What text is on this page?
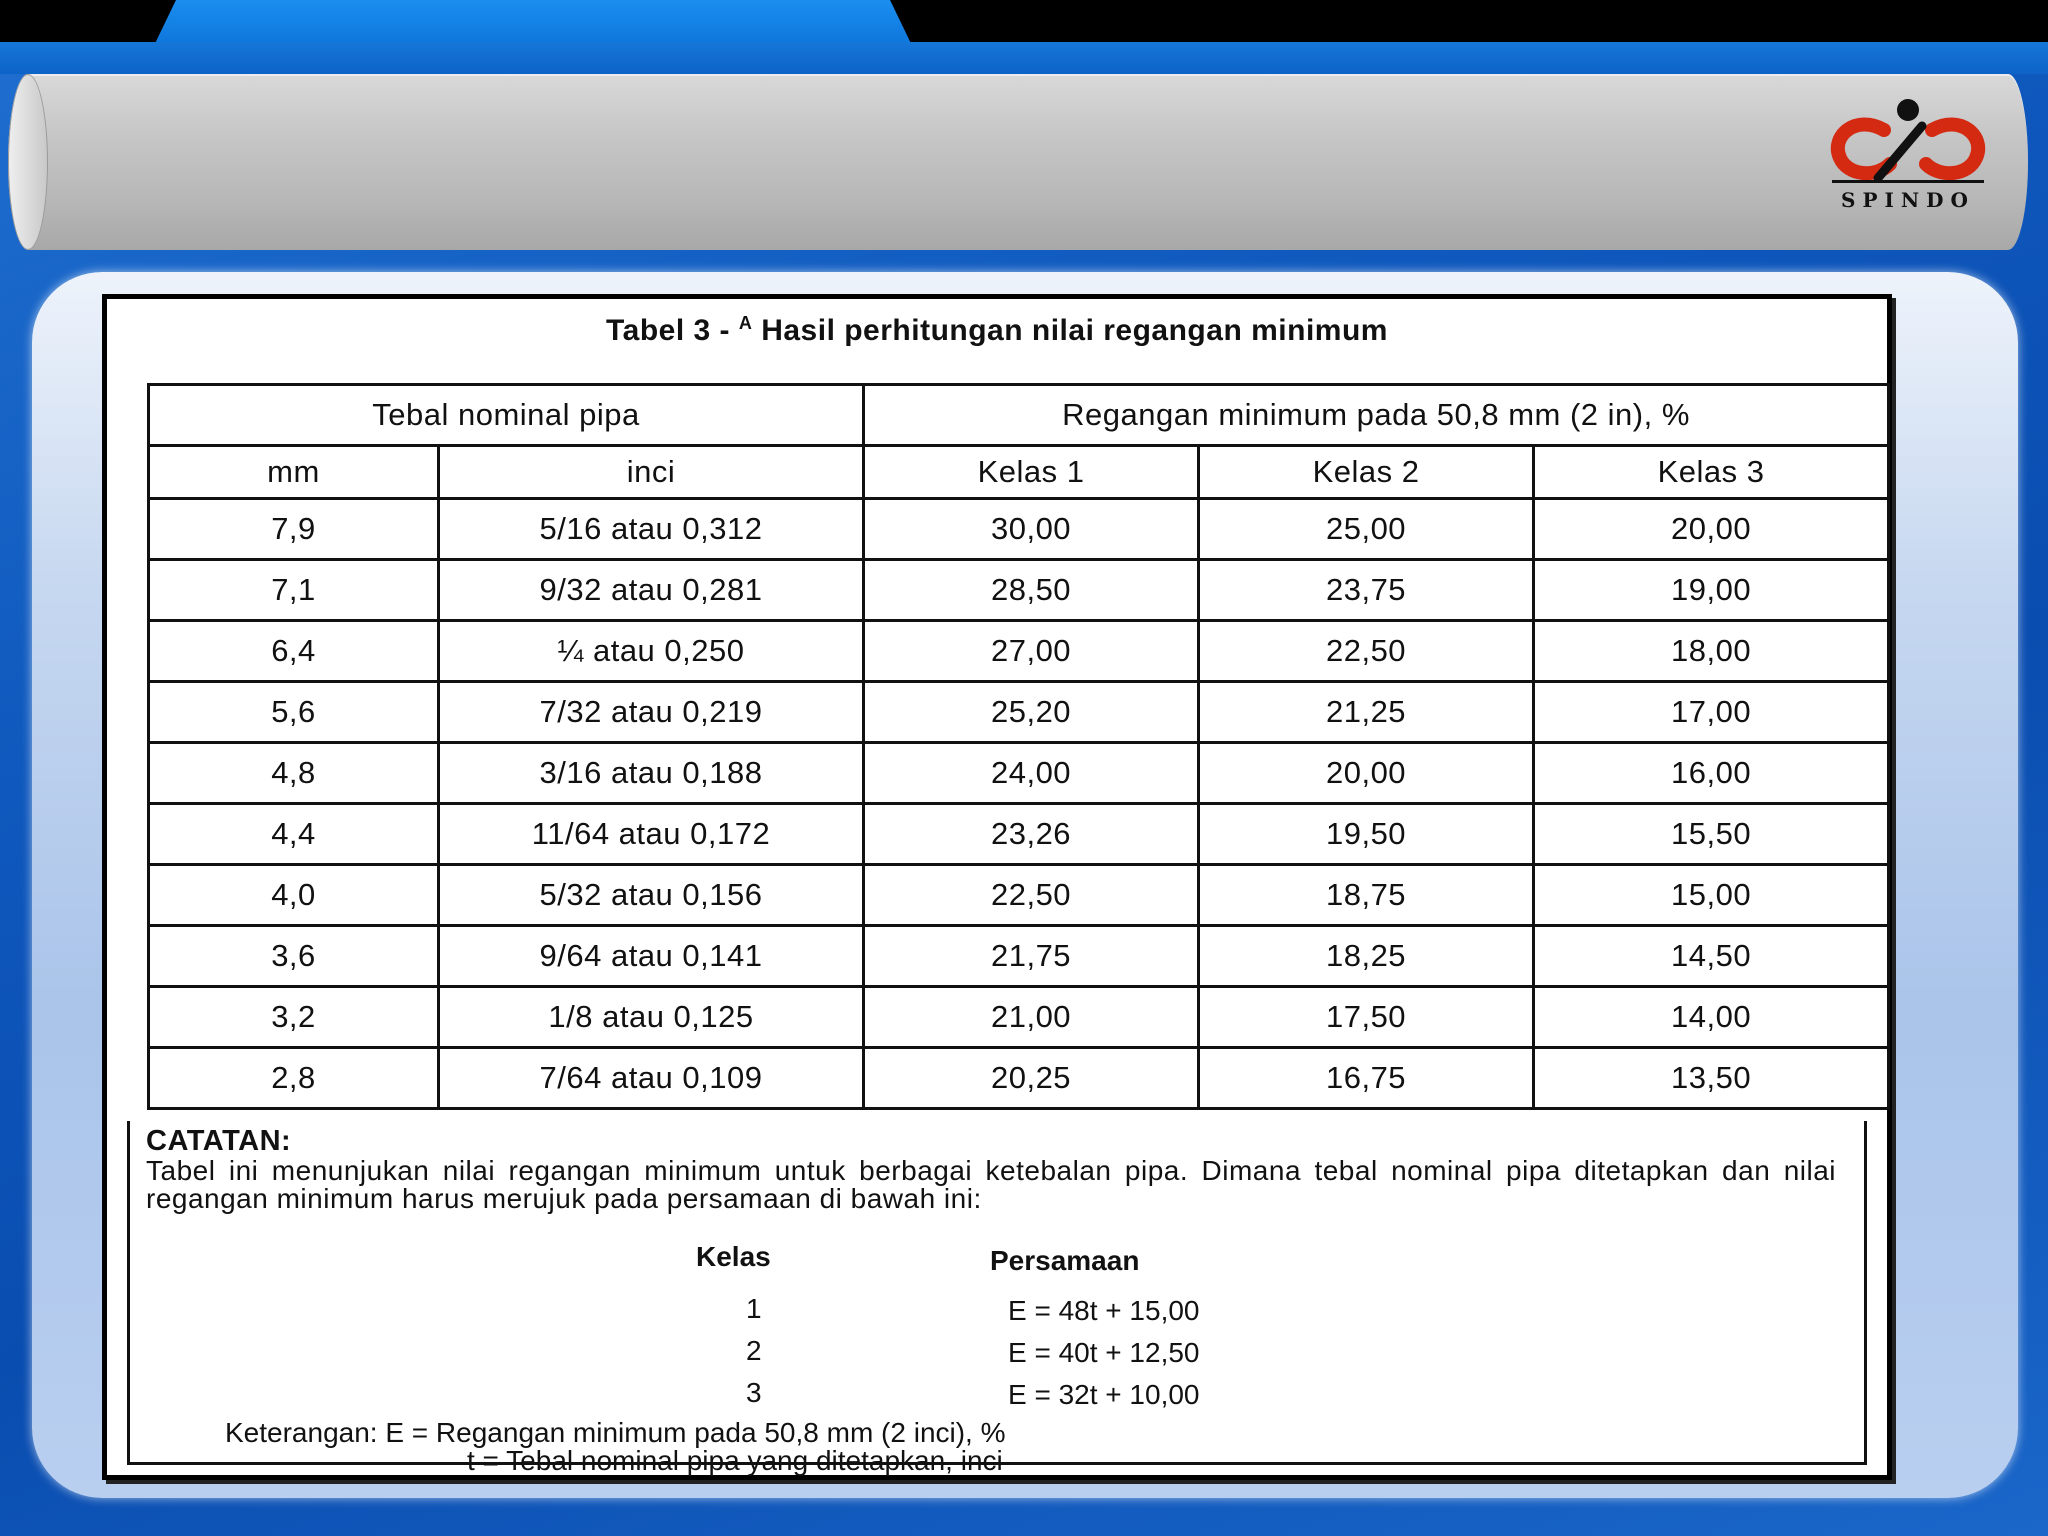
SPINDO
Tabel 3 - $^A$ Hasil perhitungan nilai regangan minimum
Tebal nominal pipa		Regangan minimum pada 50,8 mm (2 in), %		
mm	inci	Kelas 1	Kelas 2	Kelas 3
7,9	5/16 atau 0,312	30,00	25,00	20,00
7,1	9/32 atau 0,281	28,50	23,75	19,00
6,4	¼ atau 0,250	27,00	22,50	18,00
5,6	7/32 atau 0,219	25,20	21,25	17,00
4,8	3/16 atau 0,188	24,00	20,00	16,00
4,4	11/64 atau 0,172	23,26	19,50	15,50
4,0	5/32 atau 0,156	22,50	18,75	15,00
3,6	9/64 atau 0,141	21,75	18,25	14,50
3,2	1/8 atau 0,125	21,00	17,50	14,00
2,8	7/64 atau 0,109	20,25	16,75	13,50
CATATAN:
Tabel ini menunjukan nilai regangan minimum untuk berbagai ketebalan pipa. Dimana tebal nominal pipa ditetapkan dan nilai regangan minimum harus merujuk pada persamaan di bawah ini:
Kelas	Persamaan
1	E = 48t + 15,00
2	E = 40t + 12,50
3	E = 32t + 10,00
Keterangan: E = Regangan minimum pada 50,8 mm (2 inci), %
t = Tebal nominal pipa yang ditetapkan, inci
